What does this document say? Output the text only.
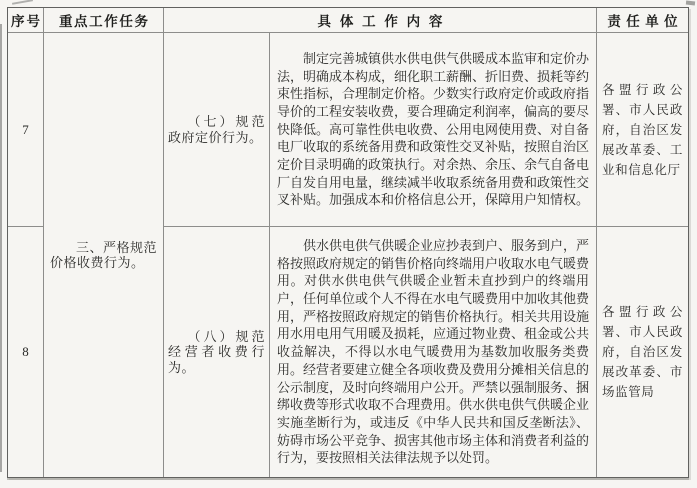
序号 重点工作任务	具体工作内容	责任单位

7

三、严格规范价格收费行为。

（七）规范政府定价行为。

制定完善城镇供水供电供气供暖成本监审和定价办法，明确成本构成，细化职工薪酬、折旧费、损耗等约束性指标，合理制定价格。少数实行政府定价或政府指导价的工程安装收费，要合理确定利润率，偏高的要尽快降低。高可靠性供电收费、公用电网使用费、对自备电厂收取的系统备用费和政策性交叉补贴，按照自治区定价目录明确的政策执行。对余热、余压、余气自备电厂自发自用电量，继续减半收取系统备用费和政策性交叉补贴。加强成本和价格信息公开，保障用户知情权。

各盟行政公署、市人民政府，自治区发展改革委、工业和信息化厅

8

（八）规范经营者收费行为。

供水供电供气供暖企业应抄表到户、服务到户，严格按照政府规定的销售价格向终端用户收取水电气暖费用。对供水供电供气供暖企业暂未直抄到户的终端用户，任何单位或个人不得在水电气暖费用中加收其他费用，严格按照政府规定的销售价格执行。相关共用设施用水用电用气用暖及损耗，应通过物业费、租金或公共收益解决，不得以水电气暖费用为基数加收服务类费用。经营者要建立健全各项收费及费用分摊相关信息的公示制度，及时向终端用户公开。严禁以强制服务、捆绑收费等形式收取不合理费用。供水供电供气供暖企业实施垄断行为，或违反《中华人民共和国反垄断法》、妨碍市场公平竞争、损害其他市场主体和消费者利益的行为，要按照相关法律法规予以处罚。

各盟行政公署、市人民政府，自治区发展改革委、市场监管局
